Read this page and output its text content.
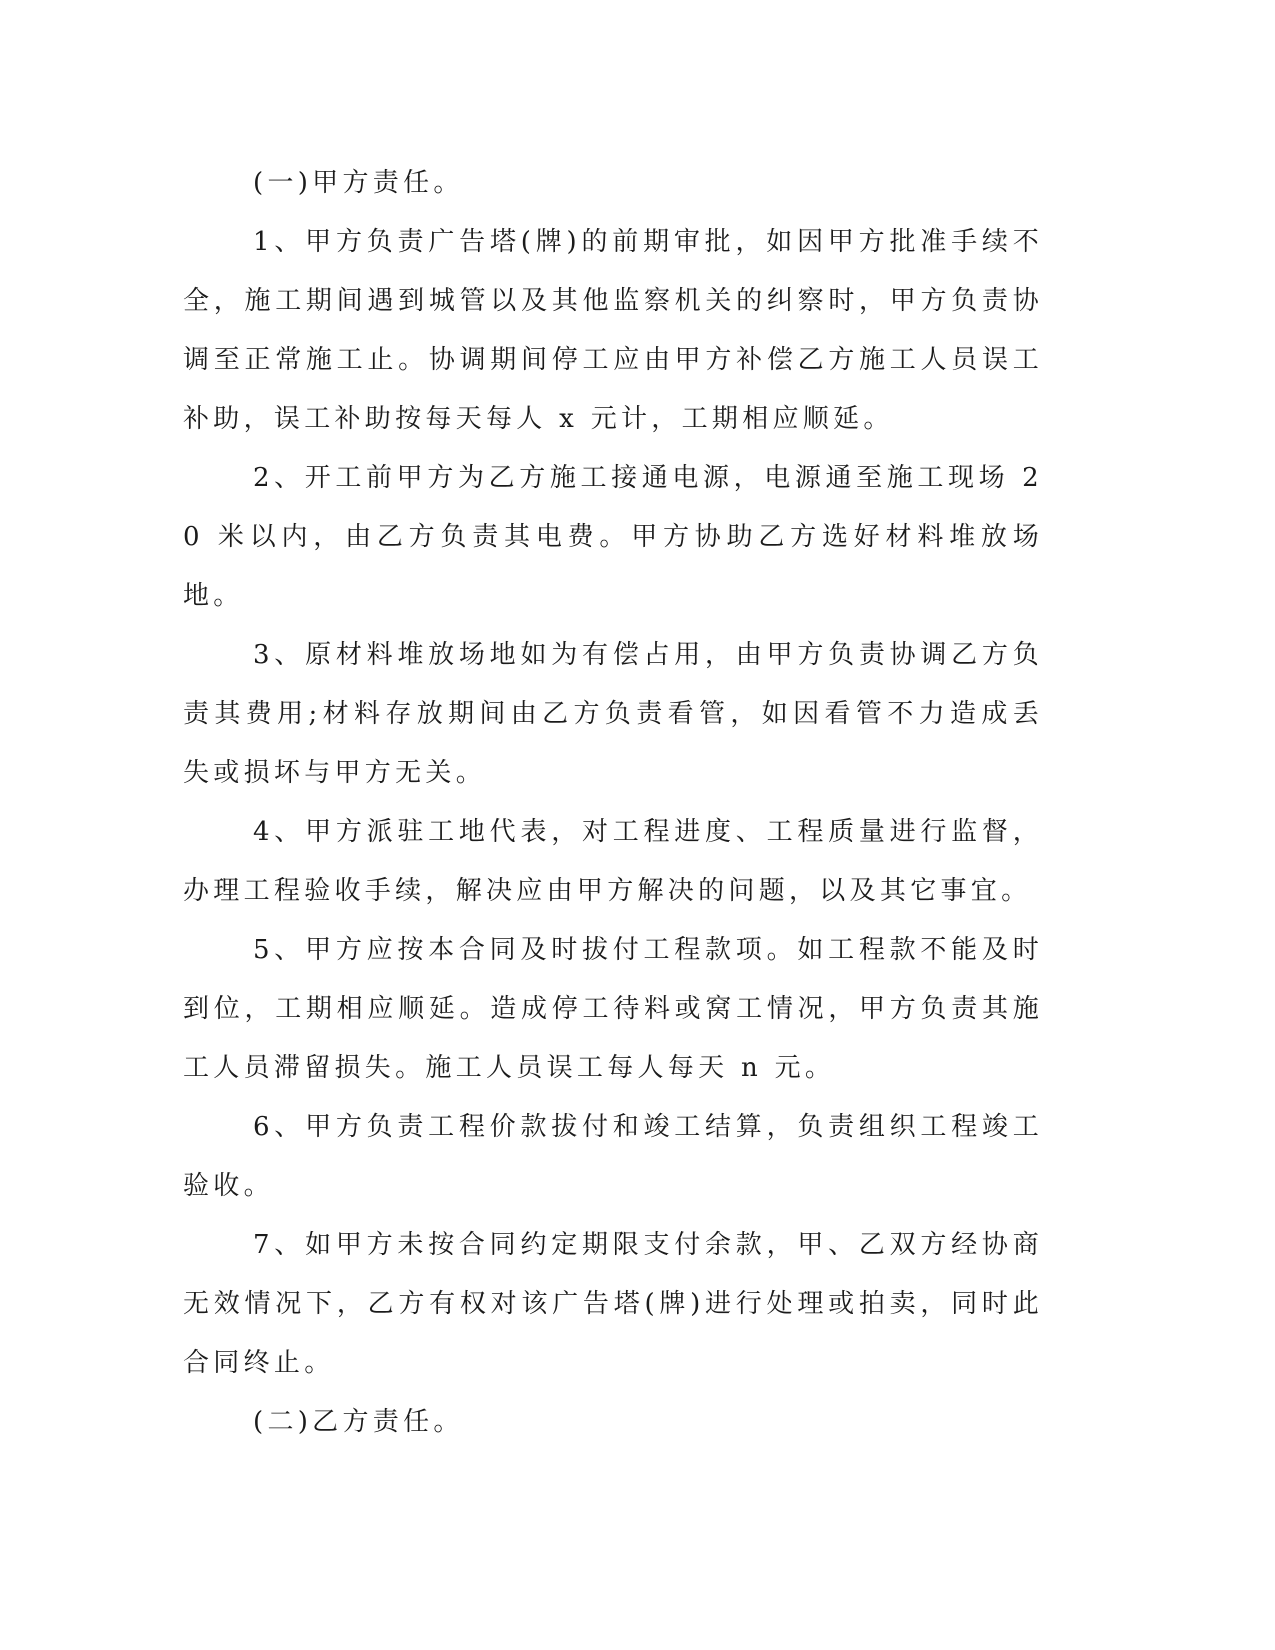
(一)甲方责任。

1、甲方负责广告塔(牌)的前期审批，如因甲方批准手续不全，施工期间遇到城管以及其他监察机关的纠察时，甲方负责协调至正常施工止。协调期间停工应由甲方补偿乙方施工人员误工补助，误工补助按每天每人 x 元计，工期相应顺延。

2、开工前甲方为乙方施工接通电源，电源通至施工现场 20 米以内，由乙方负责其电费。甲方协助乙方选好材料堆放场地。

3、原材料堆放场地如为有偿占用，由甲方负责协调乙方负责其费用;材料存放期间由乙方负责看管，如因看管不力造成丢失或损坏与甲方无关。

4、甲方派驻工地代表，对工程进度、工程质量进行监督，办理工程验收手续，解决应由甲方解决的问题，以及其它事宜。

5、甲方应按本合同及时拔付工程款项。如工程款不能及时到位，工期相应顺延。造成停工待料或窝工情况，甲方负责其施工人员滞留损失。施工人员误工每人每天 n 元。

6、甲方负责工程价款拔付和竣工结算，负责组织工程竣工验收。

7、如甲方未按合同约定期限支付余款，甲、乙双方经协商无效情况下，乙方有权对该广告塔(牌)进行处理或拍卖，同时此合同终止。

(二)乙方责任。
